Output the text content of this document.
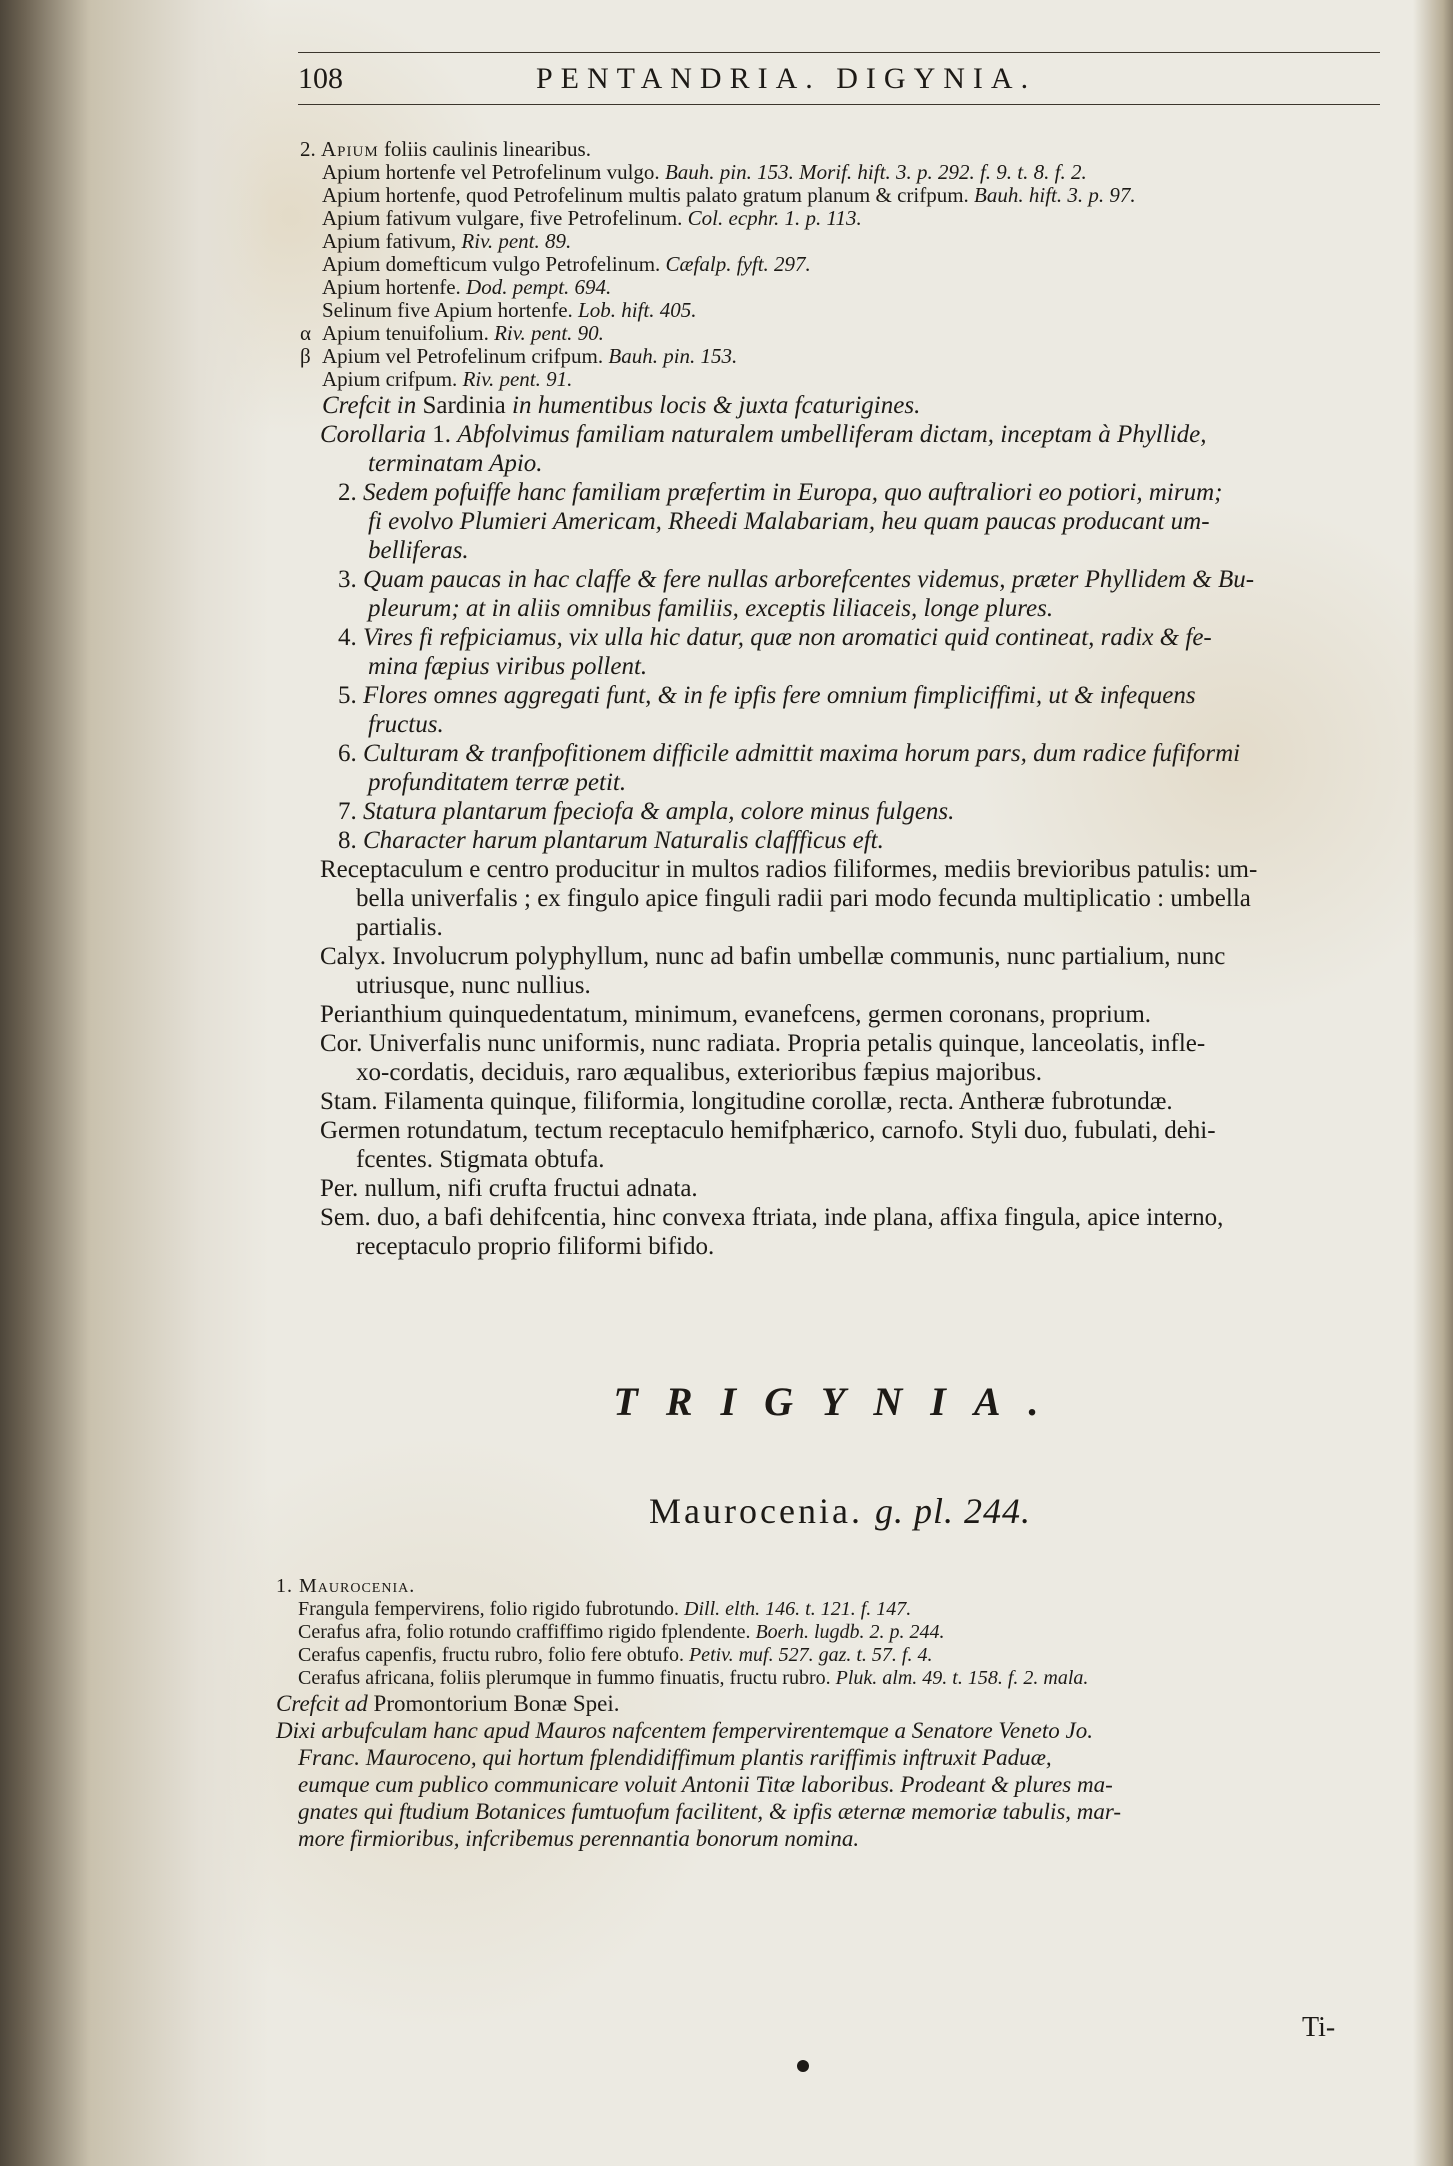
108	PENTANDRIA. DIGYNIA.
2. Apium foliis caulinis linearibus.
Apium hortenfe vel Petrofelinum vulgo. Bauh. pin. 153. Morif. hift. 3. p. 292. f. 9. t. 8. f. 2.
Apium hortenfe, quod Petrofelinum multis palato gratum planum & crifpum. Bauh. hift. 3. p. 97.
Apium fativum vulgare, five Petrofelinum. Col. ecphr. 1. p. 113.
Apium fativum, Riv. pent. 89.
Apium domefticum vulgo Petrofelinum. Cæfalp. fyft. 297.
Apium hortenfe. Dod. pempt. 694.
Selinum five Apium hortenfe. Lob. hift. 405.
α Apium tenuifolium. Riv. pent. 90.
β Apium vel Petrofelinum crifpum. Bauh. pin. 153.
Apium crifpum. Riv. pent. 91.
Crefcit in Sardinia in humentibus locis & juxta fcaturigines.
Corollaria 1. Abfolvimus familiam naturalem umbelliferam dictam, inceptam à Phyllide,
terminatam Apio.
2. Sedem pofuiffe hanc familiam præfertim in Europa, quo auftraliori eo potiori, mirum;
fi evolvo Plumieri Americam, Rheedi Malabariam, heu quam paucas producant um-
belliferas.
3. Quam paucas in hac claffe & fere nullas arborefcentes videmus, præter Phyllidem & Bu-
pleurum; at in aliis omnibus familiis, exceptis liliaceis, longe plures.
4. Vires fi refpiciamus, vix ulla hic datur, quæ non aromatici quid contineat, radix & fe-
mina fæpius viribus pollent.
5. Flores omnes aggregati funt, & in fe ipfis fere omnium fimpliciffimi, ut & infequens
fructus.
6. Culturam & tranfpofitionem difficile admittit maxima horum pars, dum radice fufiformi
profunditatem terræ petit.
7. Statura plantarum fpeciofa & ampla, colore minus fulgens.
8. Character harum plantarum Naturalis claffficus eft.
Receptaculum e centro producitur in multos radios filiformes, mediis brevioribus patulis: um-
bella univerfalis ; ex fingulo apice finguli radii pari modo fecunda multiplicatio : umbella
partialis.
Calyx. Involucrum polyphyllum, nunc ad bafin umbellæ communis, nunc partialium, nunc
utriusque, nunc nullius.
Perianthium quinquedentatum, minimum, evanefcens, germen coronans, proprium.
Cor. Univerfalis nunc uniformis, nunc radiata. Propria petalis quinque, lanceolatis, infle-
xo-cordatis, deciduis, raro æqualibus, exterioribus fæpius majoribus.
Stam. Filamenta quinque, filiformia, longitudine corollæ, recta. Antheræ fubrotundæ.
Germen rotundatum, tectum receptaculo hemifphærico, carnofo. Styli duo, fubulati, dehi-
fcentes. Stigmata obtufa.
Per. nullum, nifi crufta fructui adnata.
Sem. duo, a bafi dehifcentia, hinc convexa ftriata, inde plana, affixa fingula, apice interno,
receptaculo proprio filiformi bifido.
TRIGYNIA.
Maurocenia. g. pl. 244.
1. Maurocenia.
Frangula fempervirens, folio rigido fubrotundo. Dill. elth. 146. t. 121. f. 147.
Cerafus afra, folio rotundo craffiffimo rigido fplendente. Boerh. lugdb. 2. p. 244.
Cerafus capenfis, fructu rubro, folio fere obtufo. Petiv. muf. 527. gaz. t. 57. f. 4.
Cerafus africana, foliis plerumque in fummo finuatis, fructu rubro. Pluk. alm. 49. t. 158. f. 2. mala.
Crefcit ad Promontorium Bonæ Spei.
Dixi arbufculam hanc apud Mauros nafcentem fempervirentemque a Senatore Veneto Jo.
Franc. Mauroceno, qui hortum fplendidiffimum plantis rariffimis inftruxit Paduæ,
eumque cum publico communicare voluit Antonii Titæ laboribus. Prodeant & plures ma-
gnates qui ftudium Botanices fumtuofum facilitent, & ipfis æternæ memoriæ tabulis, mar-
more firmioribus, infcribemus perennantia bonorum nomina.
Ti-
